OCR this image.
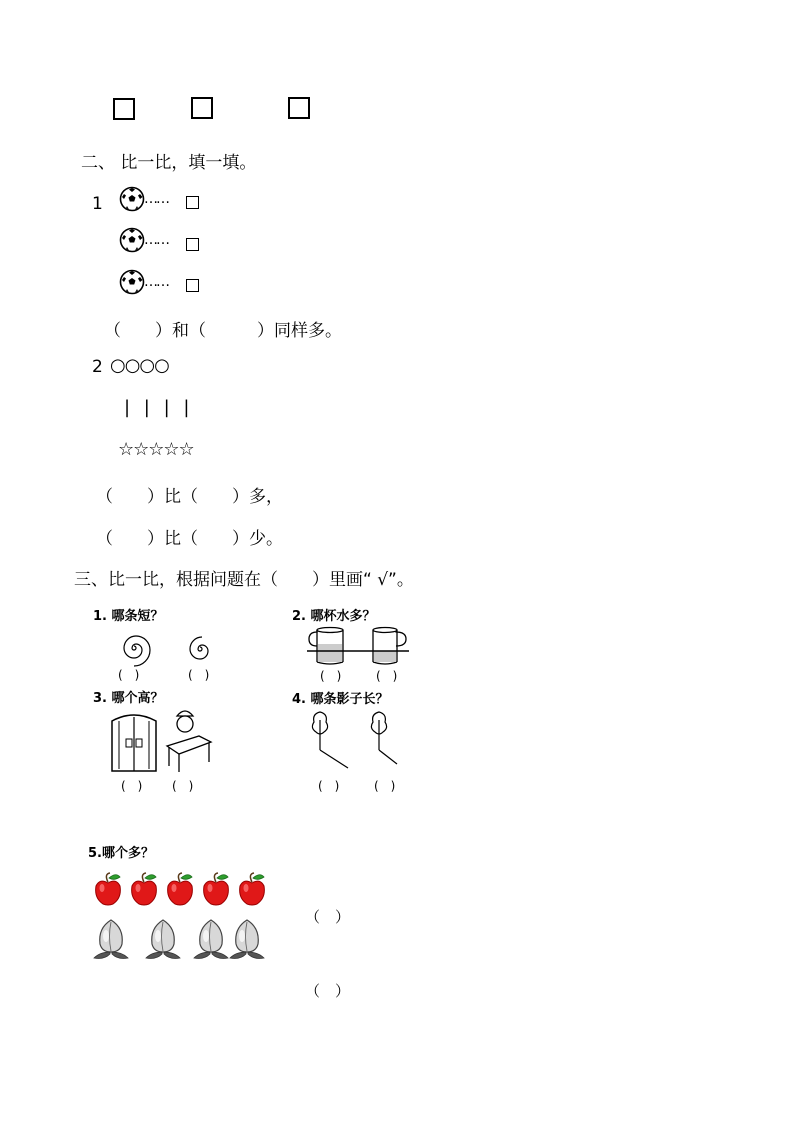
二、 比一比，填一填。
1	……
……
……
（　　）和（　　　）同样多。
2 ○○○○
| | | |
☆☆☆☆☆
（　　）比（　　）多，
（　　）比（　　）少。
三、比一比，根据问题在（　　）里画“ √”。
1. 哪条短？
(　)	(　)
2. 哪杯水多？
(　)	(　)
3. 哪个高？
(　) (　)
4. 哪条影子长？
(　)	(　)
5.哪个多？
（　）
（　）
